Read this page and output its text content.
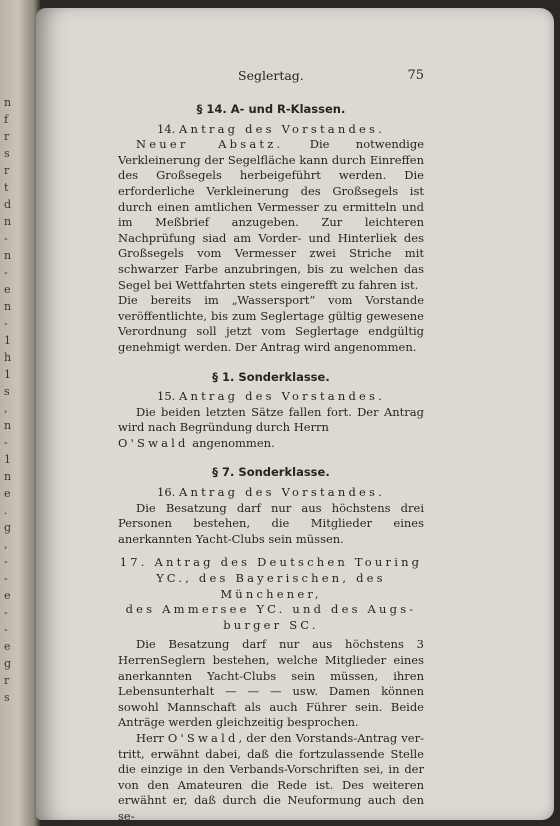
n
f
r
s
r
t
d
n
-
n
-
e
n
-
1
h
1
s
,
n
-
1
n
e
.
g
,
-
-
e
-
-
e
g
r
s
Seglertag.	75
§ 14. A- und R-Klassen.

14. Antrag des Vorstandes.

Neuer Absatz. Die notwendige Verkleinerung der Segelfläche kann durch Einreffen des Großsegels herbeigeführt werden. Die erforderliche Verkleinerung des Großsegels ist durch einen amtlichen Vermesser zu ermitteln und im Meßbrief anzugeben. Zur leichteren Nachprüfung siad am Vorder- und Hinterliek des Großsegels vom Vermesser zwei Striche mit schwarzer Farbe anzubringen, bis zu welchen das Segel bei Wettfahrten stets eingerefft zu fahren ist.

Die bereits im „Wassersport“ vom Vorstande veröffentlichte, bis zum Seglertage gültig gewesene Verordnung soll jetzt vom Seglertage endgültig genehmigt werden. Der Antrag wird angenommen.

§ 1. Sonderklasse.

15. Antrag des Vorstandes.

Die beiden letzten Sätze fallen fort. Der Antrag wird nach Begründung durch Herrn

O'Swald angenommen.

§ 7. Sonderklasse.

16. Antrag des Vorstandes.

Die Besatzung darf nur aus höchstens drei Personen bestehen, die Mitglieder eines anerkannten Yacht-Clubs sein müssen.

17. Antrag des Deutschen Touring
YC., des Bayerischen, des Münchener,
des Ammersee YC. und des Augs-
burger SC.

Die Besatzung darf nur aus höchstens 3 HerrenSeglern bestehen, welche Mitglieder eines anerkannten Yacht-Clubs sein müssen, ihren Lebensunterhalt — — — usw. Damen können sowohl Mannschaft als auch Führer sein. Beide Anträge werden gleichzeitig besprochen.

Herr O'Swald, der den Vorstands-Antrag ver- tritt, erwähnt dabei, daß die fortzulassende Stelle die einzige in den Verbands-Vorschriften sei, in der von den Amateuren die Rede ist. Des weiteren erwähnt er, daß durch die Neuformung auch den se-
